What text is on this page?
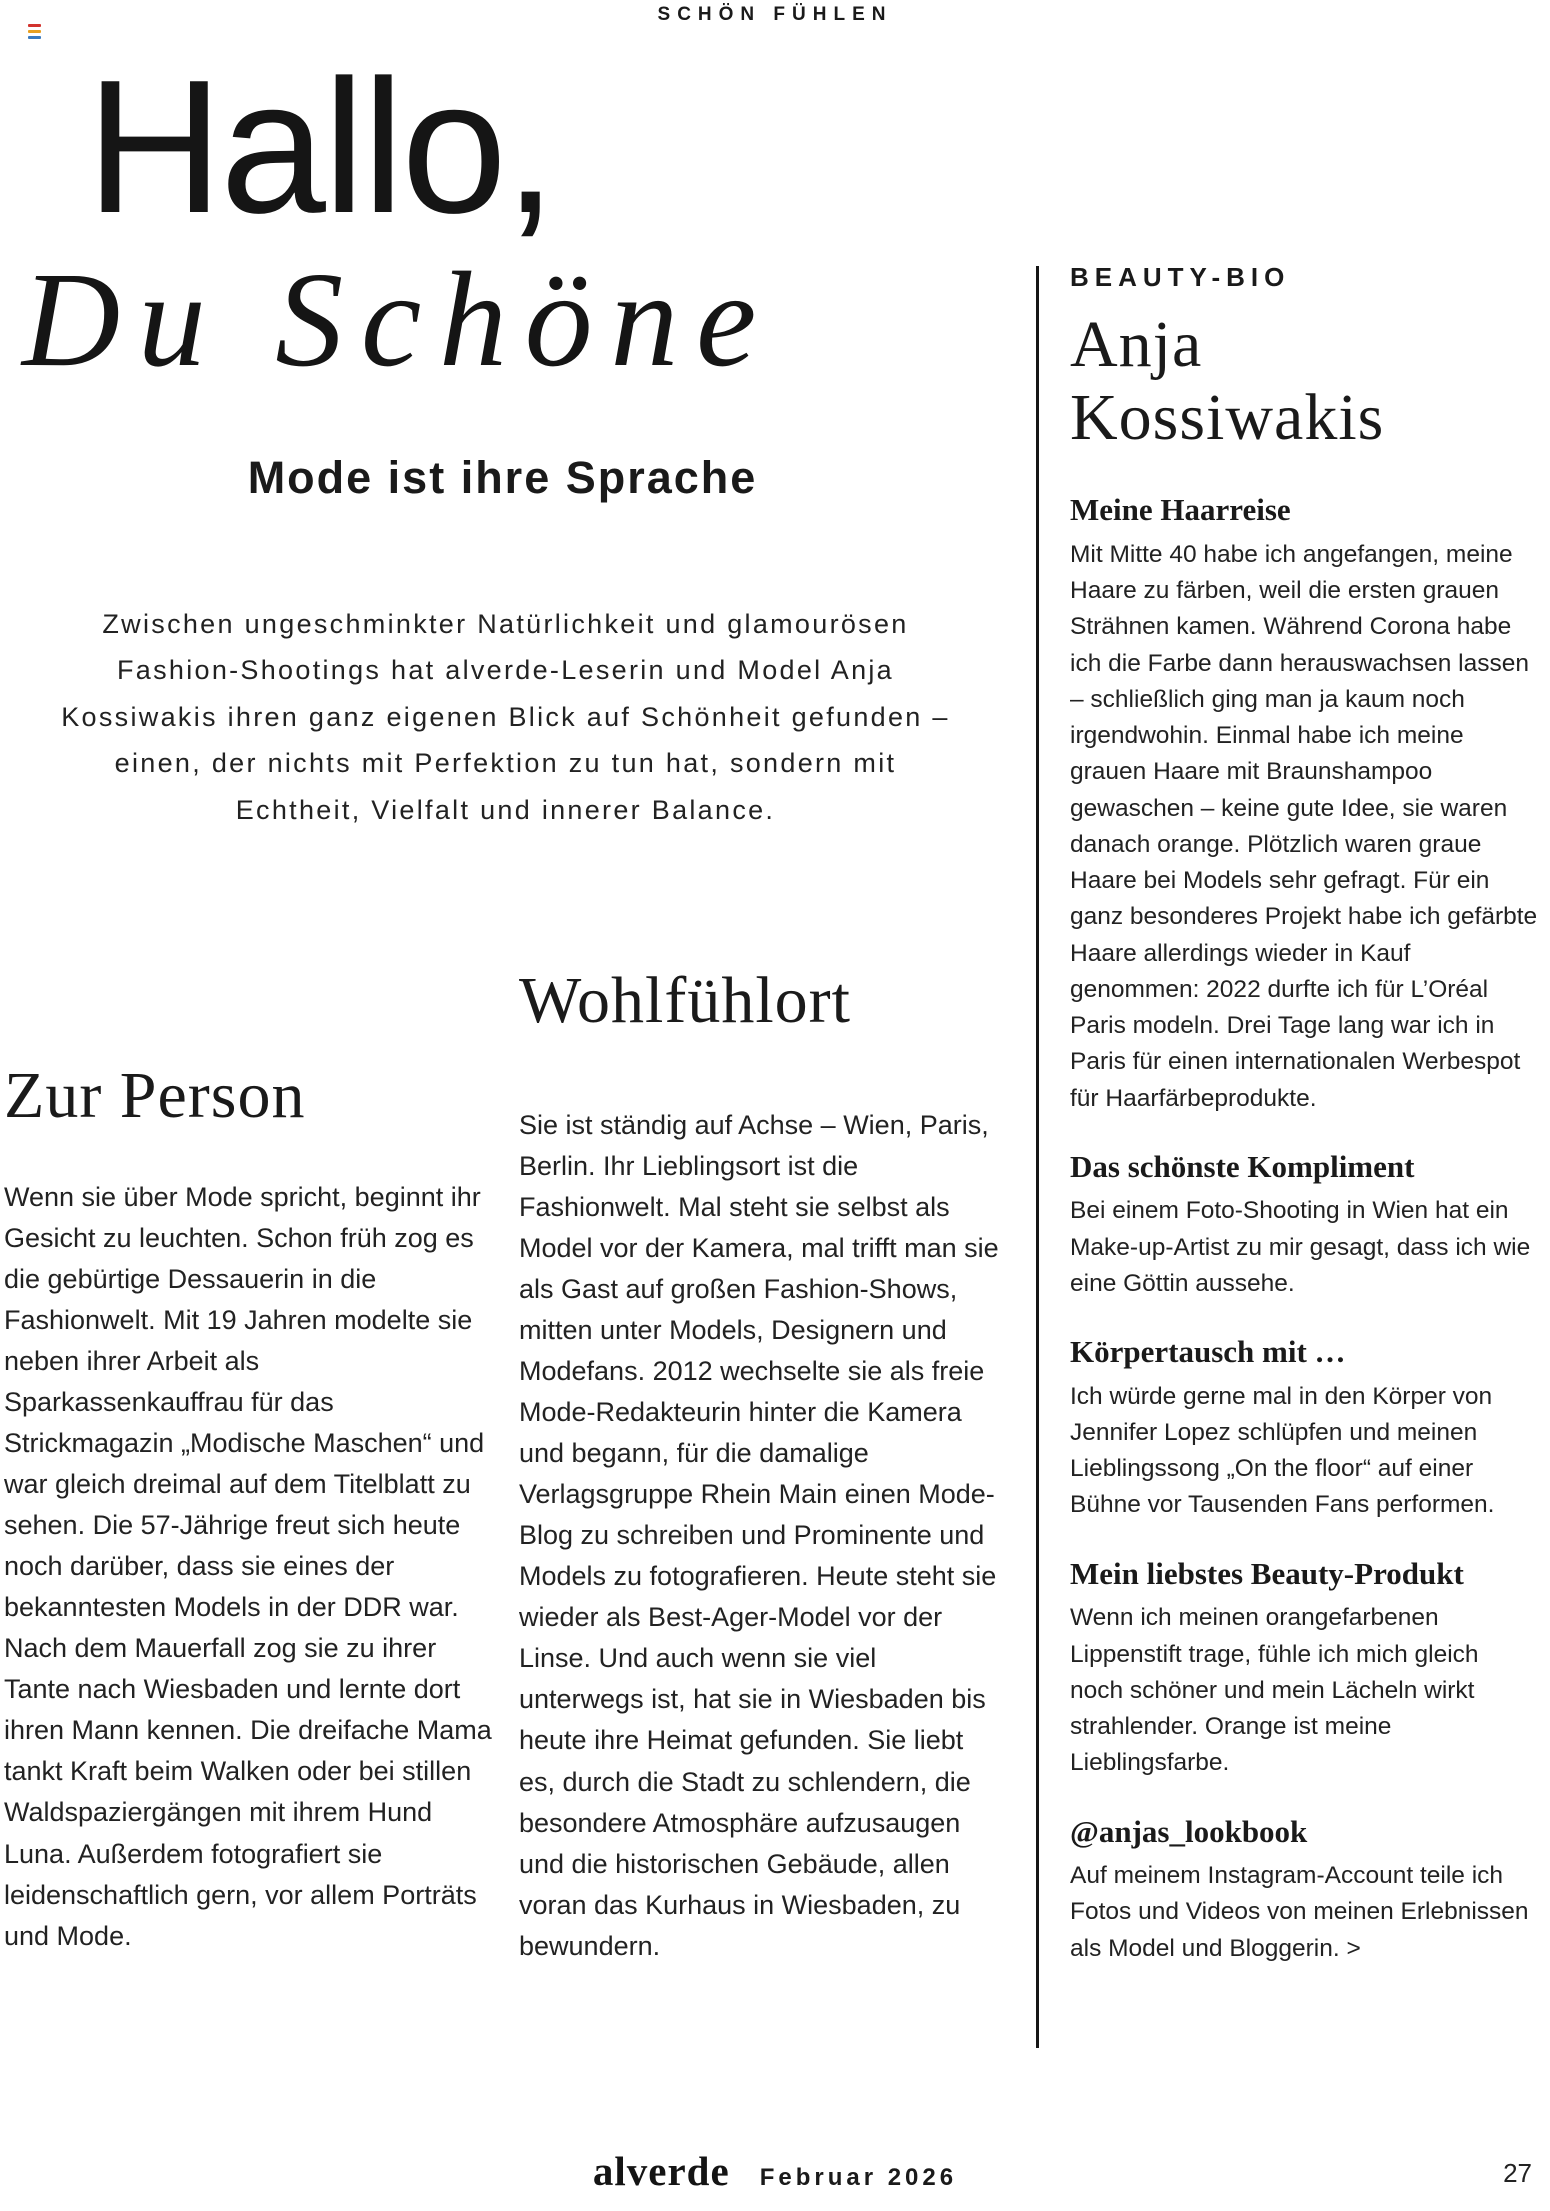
SCHÖN FÜHLEN
Hallo,
Du Schöne
Mode ist ihre Sprache

Zwischen ungeschminkter Natürlichkeit und glamourösen Fashion-Shootings hat alverde-Leserin und Model Anja Kossiwakis ihren ganz eigenen Blick auf Schönheit gefunden – einen, der nichts mit Perfektion zu tun hat, sondern mit Echtheit, Vielfalt und innerer Balance.

Zur Person

Wenn sie über Mode spricht, beginnt ihr Gesicht zu leuchten. Schon früh zog es die gebürtige Dessauerin in die Fashionwelt. Mit 19 Jahren modelte sie neben ihrer Arbeit als Sparkassenkauffrau für das Strickmagazin „Modische Maschen“ und war gleich dreimal auf dem Titelblatt zu sehen. Die 57-Jährige freut sich heute noch darüber, dass sie eines der bekanntesten Models in der DDR war. Nach dem Mauerfall zog sie zu ihrer Tante nach Wiesbaden und lernte dort ihren Mann kennen. Die dreifache Mama tankt Kraft beim Walken oder bei stillen Waldspaziergängen mit ihrem Hund Luna. Außerdem fotografiert sie leidenschaftlich gern, vor allem Porträts und Mode.

Wohlfühlort

Sie ist ständig auf Achse – Wien, Paris, Berlin. Ihr Lieblingsort ist die Fashionwelt. Mal steht sie selbst als Model vor der Kamera, mal trifft man sie als Gast auf großen Fashion-Shows, mitten unter Models, Designern und Modefans. 2012 wechselte sie als freie Mode-Redakteurin hinter die Kamera und begann, für die damalige Verlagsgruppe Rhein Main einen Mode-Blog zu schreiben und Prominente und Models zu fotografieren. Heute steht sie wieder als Best-Ager-Model vor der Linse. Und auch wenn sie viel unterwegs ist, hat sie in Wiesbaden bis heute ihre Heimat gefunden. Sie liebt es, durch die Stadt zu schlendern, die besondere Atmosphäre aufzusaugen und die historischen Gebäude, allen voran das Kurhaus in Wiesbaden, zu bewundern.

BEAUTY-BIO
Anja Kossiwakis
Meine Haarreise

Mit Mitte 40 habe ich angefangen, meine Haare zu färben, weil die ersten grauen Strähnen kamen. Während Corona habe ich die Farbe dann herauswachsen lassen – schließlich ging man ja kaum noch irgendwohin. Einmal habe ich meine grauen Haare mit Braunshampoo gewaschen – keine gute Idee, sie waren danach orange. Plötzlich waren graue Haare bei Models sehr gefragt. Für ein ganz besonderes Projekt habe ich gefärbte Haare allerdings wieder in Kauf genommen: 2022 durfte ich für L’Oréal Paris modeln. Drei Tage lang war ich in Paris für einen internationalen Werbespot für Haarfärbeprodukte.

Das schönste Kompliment

Bei einem Foto-Shooting in Wien hat ein Make-up-Artist zu mir gesagt, dass ich wie eine Göttin aussehe.

Körpertausch mit …

Ich würde gerne mal in den Körper von Jennifer Lopez schlüpfen und meinen Lieblingssong „On the floor“ auf einer Bühne vor Tausenden Fans performen.

Mein liebstes Beauty-Produkt

Wenn ich meinen orangefarbenen Lippenstift trage, fühle ich mich gleich noch schöner und mein Lächeln wirkt strahlender. Orange ist meine Lieblingsfarbe.

@anjas_lookbook

Auf meinem Instagram-Account teile ich Fotos und Videos von meinen Erlebnissen als Model und Bloggerin. >

alverde Februar 2026	27
